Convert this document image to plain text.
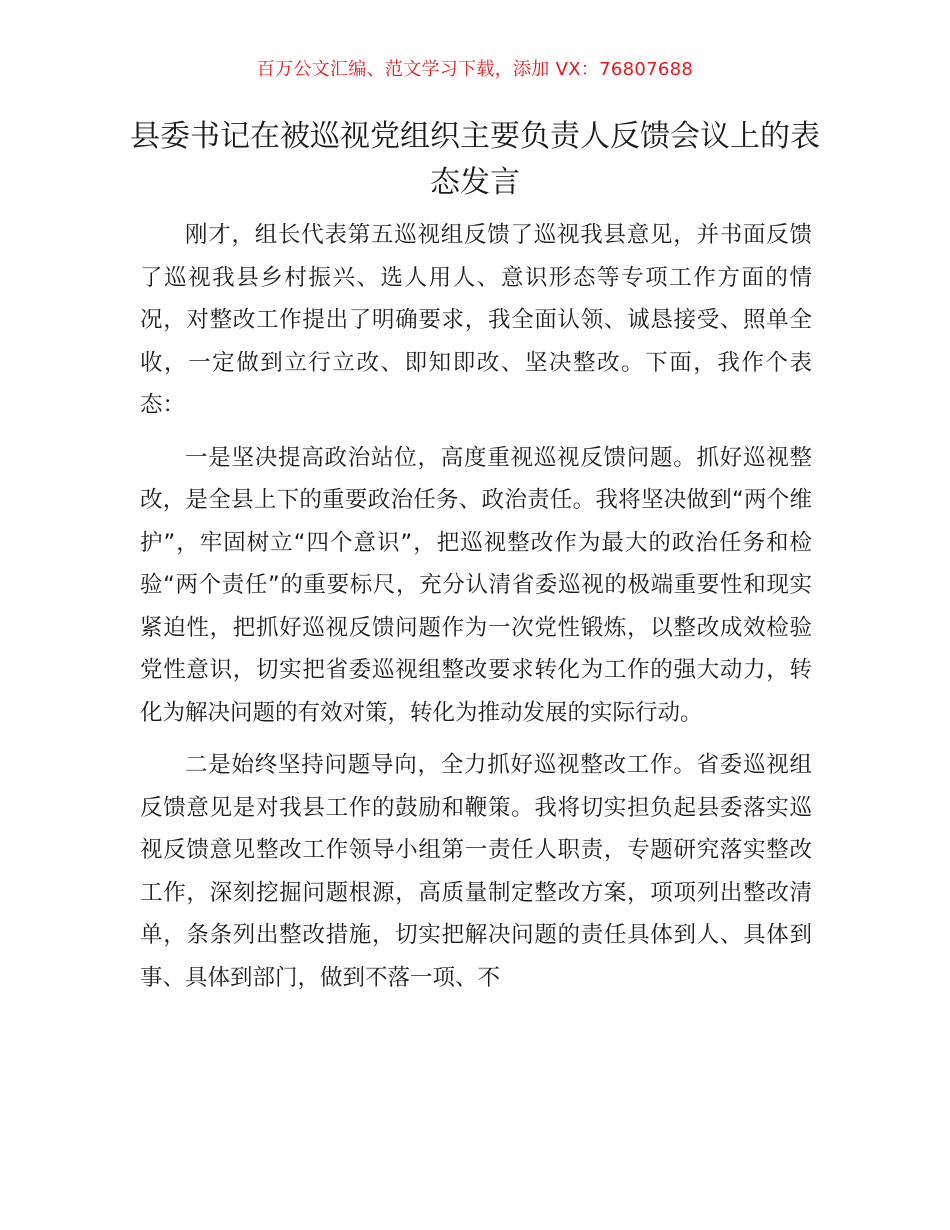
百万公文汇编、范文学习下载，添加 VX：76807688
县委书记在被巡视党组织主要负责人反馈会议上的表态发言

刚才，组长代表第五巡视组反馈了巡视我县意见，并书面反馈了巡视我县乡村振兴、选人用人、意识形态等专项工作方面的情况，对整改工作提出了明确要求，我全面认领、诚恳接受、照单全收，一定做到立行立改、即知即改、坚决整改。下面，我作个表态：

一是坚决提高政治站位，高度重视巡视反馈问题。抓好巡视整改，是全县上下的重要政治任务、政治责任。我将坚决做到“两个维护”，牢固树立“四个意识”，把巡视整改作为最大的政治任务和检验“两个责任”的重要标尺，充分认清省委巡视的极端重要性和现实紧迫性，把抓好巡视反馈问题作为一次党性锻炼，以整改成效检验党性意识，切实把省委巡视组整改要求转化为工作的强大动力，转化为解决问题的有效对策，转化为推动发展的实际行动。

二是始终坚持问题导向，全力抓好巡视整改工作。省委巡视组反馈意见是对我县工作的鼓励和鞭策。我将切实担负起县委落实巡视反馈意见整改工作领导小组第一责任人职责，专题研究落实整改工作，深刻挖掘问题根源，高质量制定整改方案，项项列出整改清单，条条列出整改措施，切实把解决问题的责任具体到人、具体到事、具体到部门，做到不落一项、不
